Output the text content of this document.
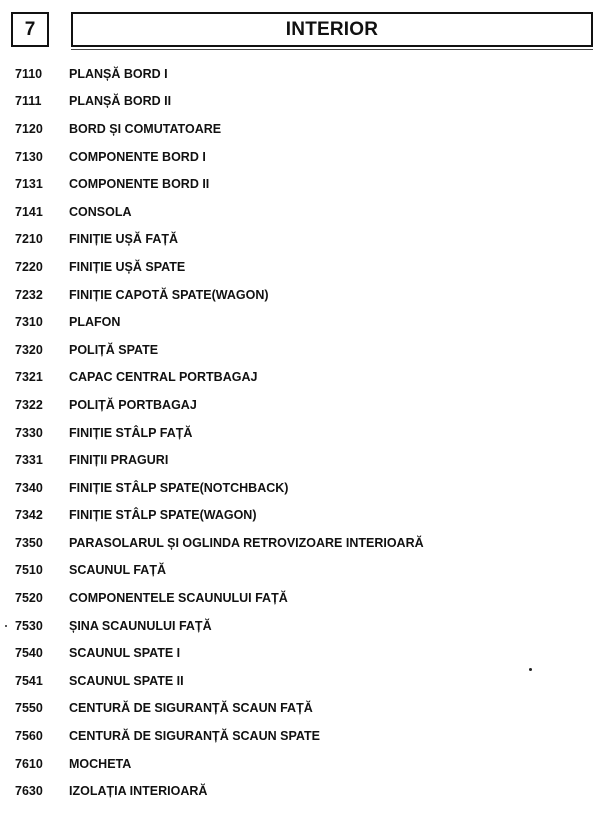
7	INTERIOR
7110	PLANȘĂ BORD I
7111	PLANȘĂ BORD II
7120	BORD ȘI COMUTATOARE
7130	COMPONENTE BORD I
7131	COMPONENTE BORD II
7141	CONSOLA
7210	FINIȚIE UȘĂ FAȚĂ
7220	FINIȚIE UȘĂ SPATE
7232	FINIȚIE CAPOTĂ SPATE(WAGON)
7310	PLAFON
7320	POLIȚĂ SPATE
7321	CAPAC CENTRAL PORTBAGAJ
7322	POLIȚĂ PORTBAGAJ
7330	FINIȚIE STÂLP FAȚĂ
7331	FINIȚII PRAGURI
7340	FINIȚIE STÂLP SPATE(NOTCHBACK)
7342	FINIȚIE STÂLP SPATE(WAGON)
7350	PARASOLARUL ȘI OGLINDA RETROVIZOARE INTERIOARĂ
7510	SCAUNUL FAȚĂ
7520	COMPONENTELE SCAUNULUI FAȚĂ
7530	ȘINA SCAUNULUI FAȚĂ
7540	SCAUNUL SPATE I
7541	SCAUNUL SPATE II
7550	CENTURĂ DE SIGURANȚĂ SCAUN FAȚĂ
7560	CENTURĂ DE SIGURANȚĂ SCAUN SPATE
7610	MOCHETA
7630	IZOLAȚIA INTERIOARĂ
